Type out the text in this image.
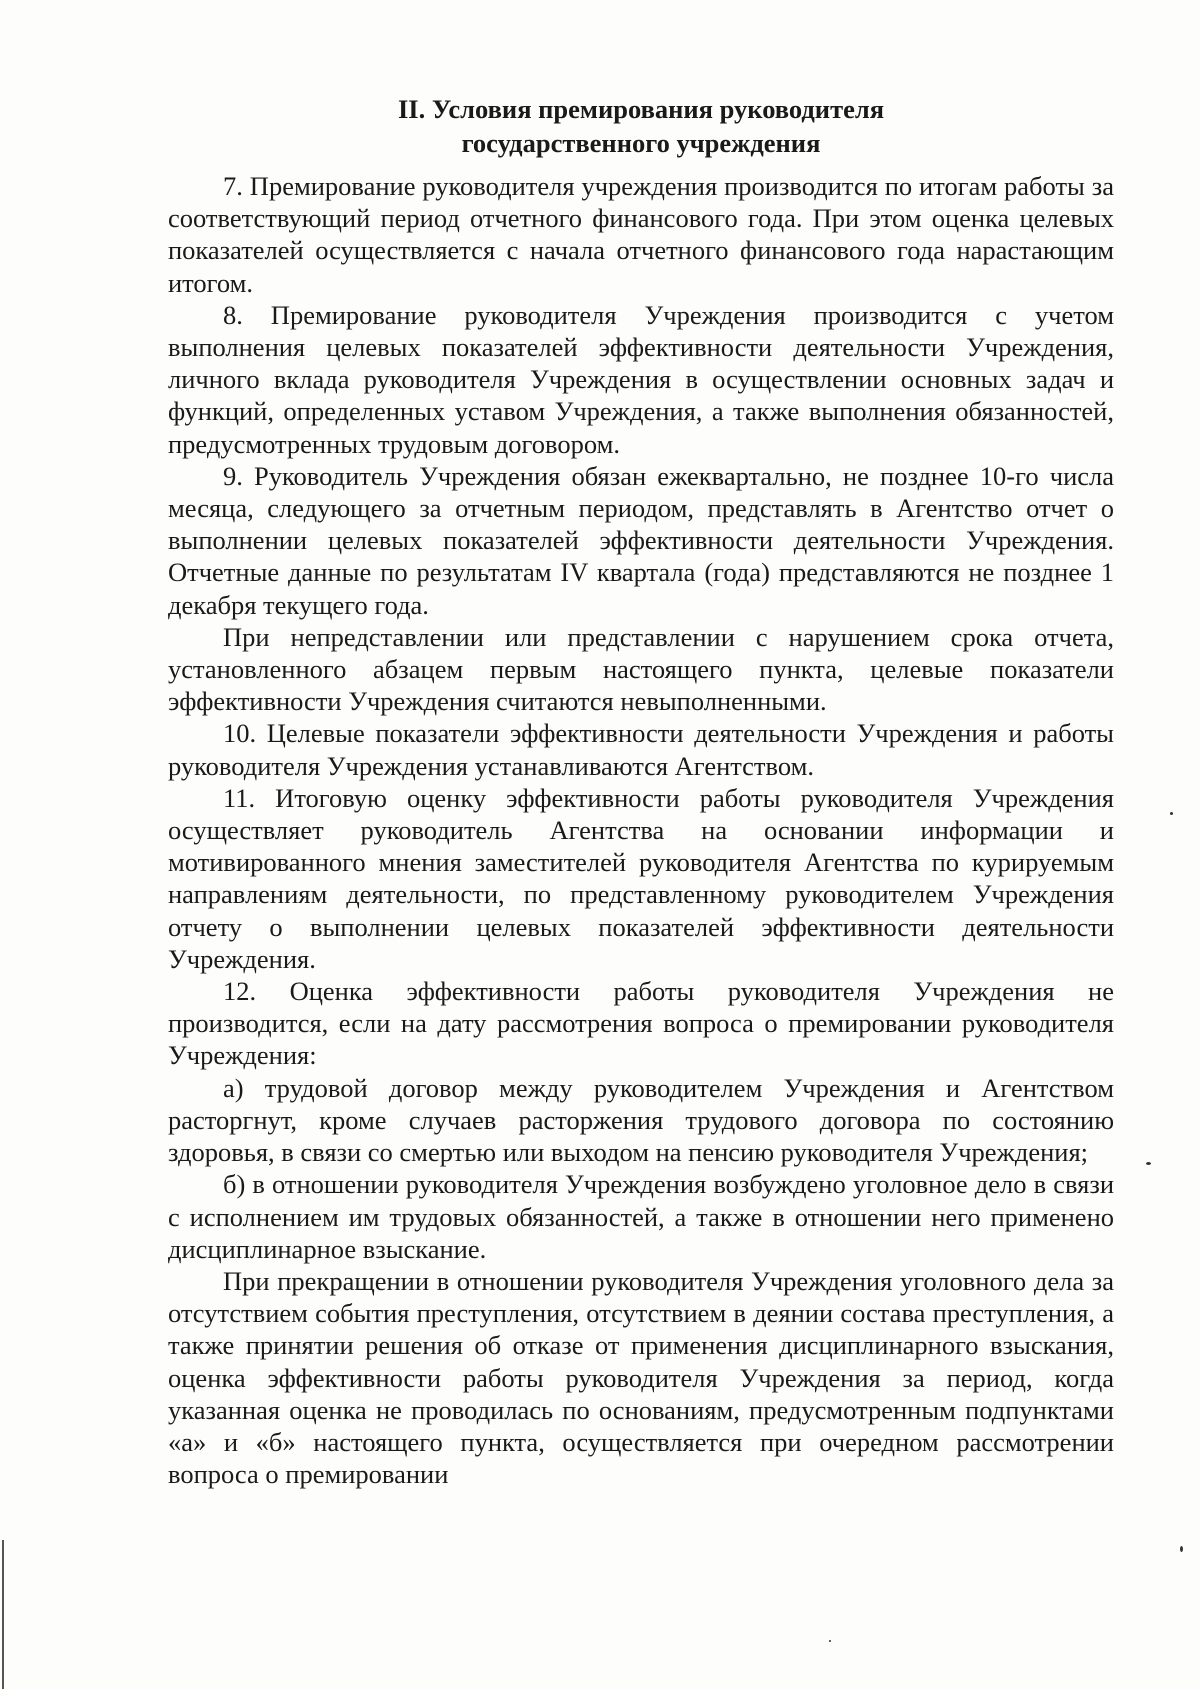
II. Условия премирования руководителя
государственного учреждения

7. Премирование руководителя учреждения производится по итогам работы за соответствующий период отчетного финансового года. При этом оценка целевых показателей осуществляется с начала отчетного финансового года нарастающим итогом.

8. Премирование руководителя Учреждения производится с учетом выполнения целевых показателей эффективности деятельности Учреждения, личного вклада руководителя Учреждения в осуществлении основных задач и функций, определенных уставом Учреждения, а также выполнения обязанностей, предусмотренных трудовым договором.

9. Руководитель Учреждения обязан ежеквартально, не позднее 10-го числа месяца, следующего за отчетным периодом, представлять в Агентство отчет о выполнении целевых показателей эффективности деятельности Учреждения. Отчетные данные по результатам IV квартала (года) представляются не позднее 1 декабря текущего года.

При непредставлении или представлении с нарушением срока отчета, установленного абзацем первым настоящего пункта, целевые показатели эффективности Учреждения считаются невыполненными.

10. Целевые показатели эффективности деятельности Учреждения и работы руководителя Учреждения устанавливаются Агентством.

11. Итоговую оценку эффективности работы руководителя Учреждения осуществляет руководитель Агентства на основании информации и мотивированного мнения заместителей руководителя Агентства по курируемым направлениям деятельности, по представленному руководителем Учреждения отчету о выполнении целевых показателей эффективности деятельности Учреждения.

12. Оценка эффективности работы руководителя Учреждения не производится, если на дату рассмотрения вопроса о премировании руководителя Учреждения:

а) трудовой договор между руководителем Учреждения и Агентством расторгнут, кроме случаев расторжения трудового договора по состоянию здоровья, в связи со смертью или выходом на пенсию руководителя Учреждения;

б) в отношении руководителя Учреждения возбуждено уголовное дело в связи с исполнением им трудовых обязанностей, а также в отношении него применено дисциплинарное взыскание.

При прекращении в отношении руководителя Учреждения уголовного дела за отсутствием события преступления, отсутствием в деянии состава преступления, а также принятии решения об отказе от применения дисциплинарного взыскания, оценка эффективности работы руководителя Учреждения за период, когда указанная оценка не проводилась по основаниям, предусмотренным подпунктами «а» и «б» настоящего пункта, осуществляется при очередном рассмотрении вопроса о премировании
